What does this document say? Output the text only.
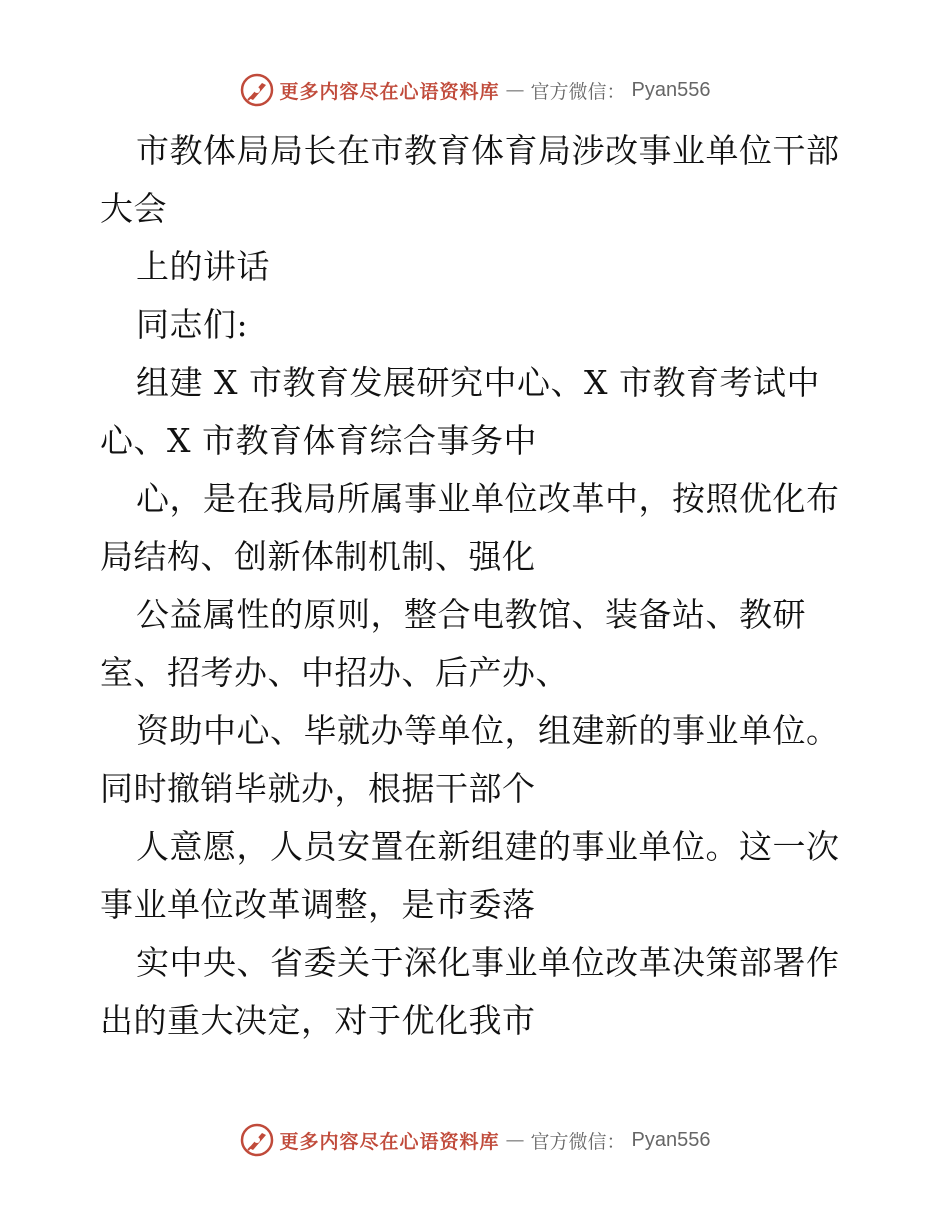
更多内容尽在心语资料库 — 官方微信： Pyan556
市教体局局长在市教育体育局涉改事业单位干部
大会
上的讲话
同志们:
组建 X 市教育发展研究中心、X 市教育考试中
心、X 市教育体育综合事务中
心，是在我局所属事业单位改革中，按照优化布
局结构、创新体制机制、强化
公益属性的原则，整合电教馆、装备站、教研
室、招考办、中招办、后产办、
资助中心、毕就办等单位，组建新的事业单位。
同时撤销毕就办，根据干部个
人意愿，人员安置在新组建的事业单位。这一次
事业单位改革调整，是市委落
实中央、省委关于深化事业单位改革决策部署作
出的重大决定，对于优化我市
更多内容尽在心语资料库 — 官方微信： Pyan556
